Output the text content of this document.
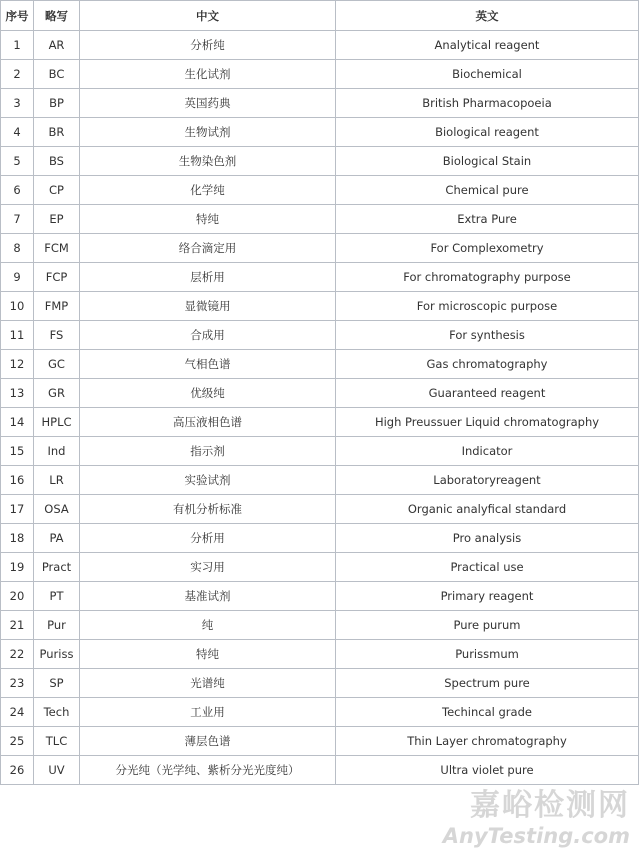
序号	略写	中文	英文
1	AR	分析纯	Analytical reagent
2	BC	生化试剂	Biochemical
3	BP	英国药典	British Pharmacopoeia
4	BR	生物试剂	Biological reagent
5	BS	生物染色剂	Biological Stain
6	CP	化学纯	Chemical pure
7	EP	特纯	Extra Pure
8	FCM	络合滴定用	For Complexometry
9	FCP	层析用	For chromatography purpose
10	FMP	显微镜用	For microscopic purpose
11	FS	合成用	For synthesis
12	GC	气相色谱	Gas chromatography
13	GR	优级纯	Guaranteed reagent
14	HPLC	高压液相色谱	High Preussuer Liquid chromatography
15	Ind	指示剂	Indicator
16	LR	实验试剂	Laboratoryreagent
17	OSA	有机分析标准	Organic analyfical standard
18	PA	分析用	Pro analysis
19	Pract	实习用	Practical use
20	PT	基准试剂	Primary reagent
21	Pur	纯	Pure purum
22	Puriss	特纯	Purissmum
23	SP	光谱纯	Spectrum pure
24	Tech	工业用	Techincal grade
25	TLC	薄层色谱	Thin Layer chromatography
26	UV	分光纯（光学纯、紫析分光光度纯）	Ultra violet pure
嘉峪检测网
AnyTesting.com
